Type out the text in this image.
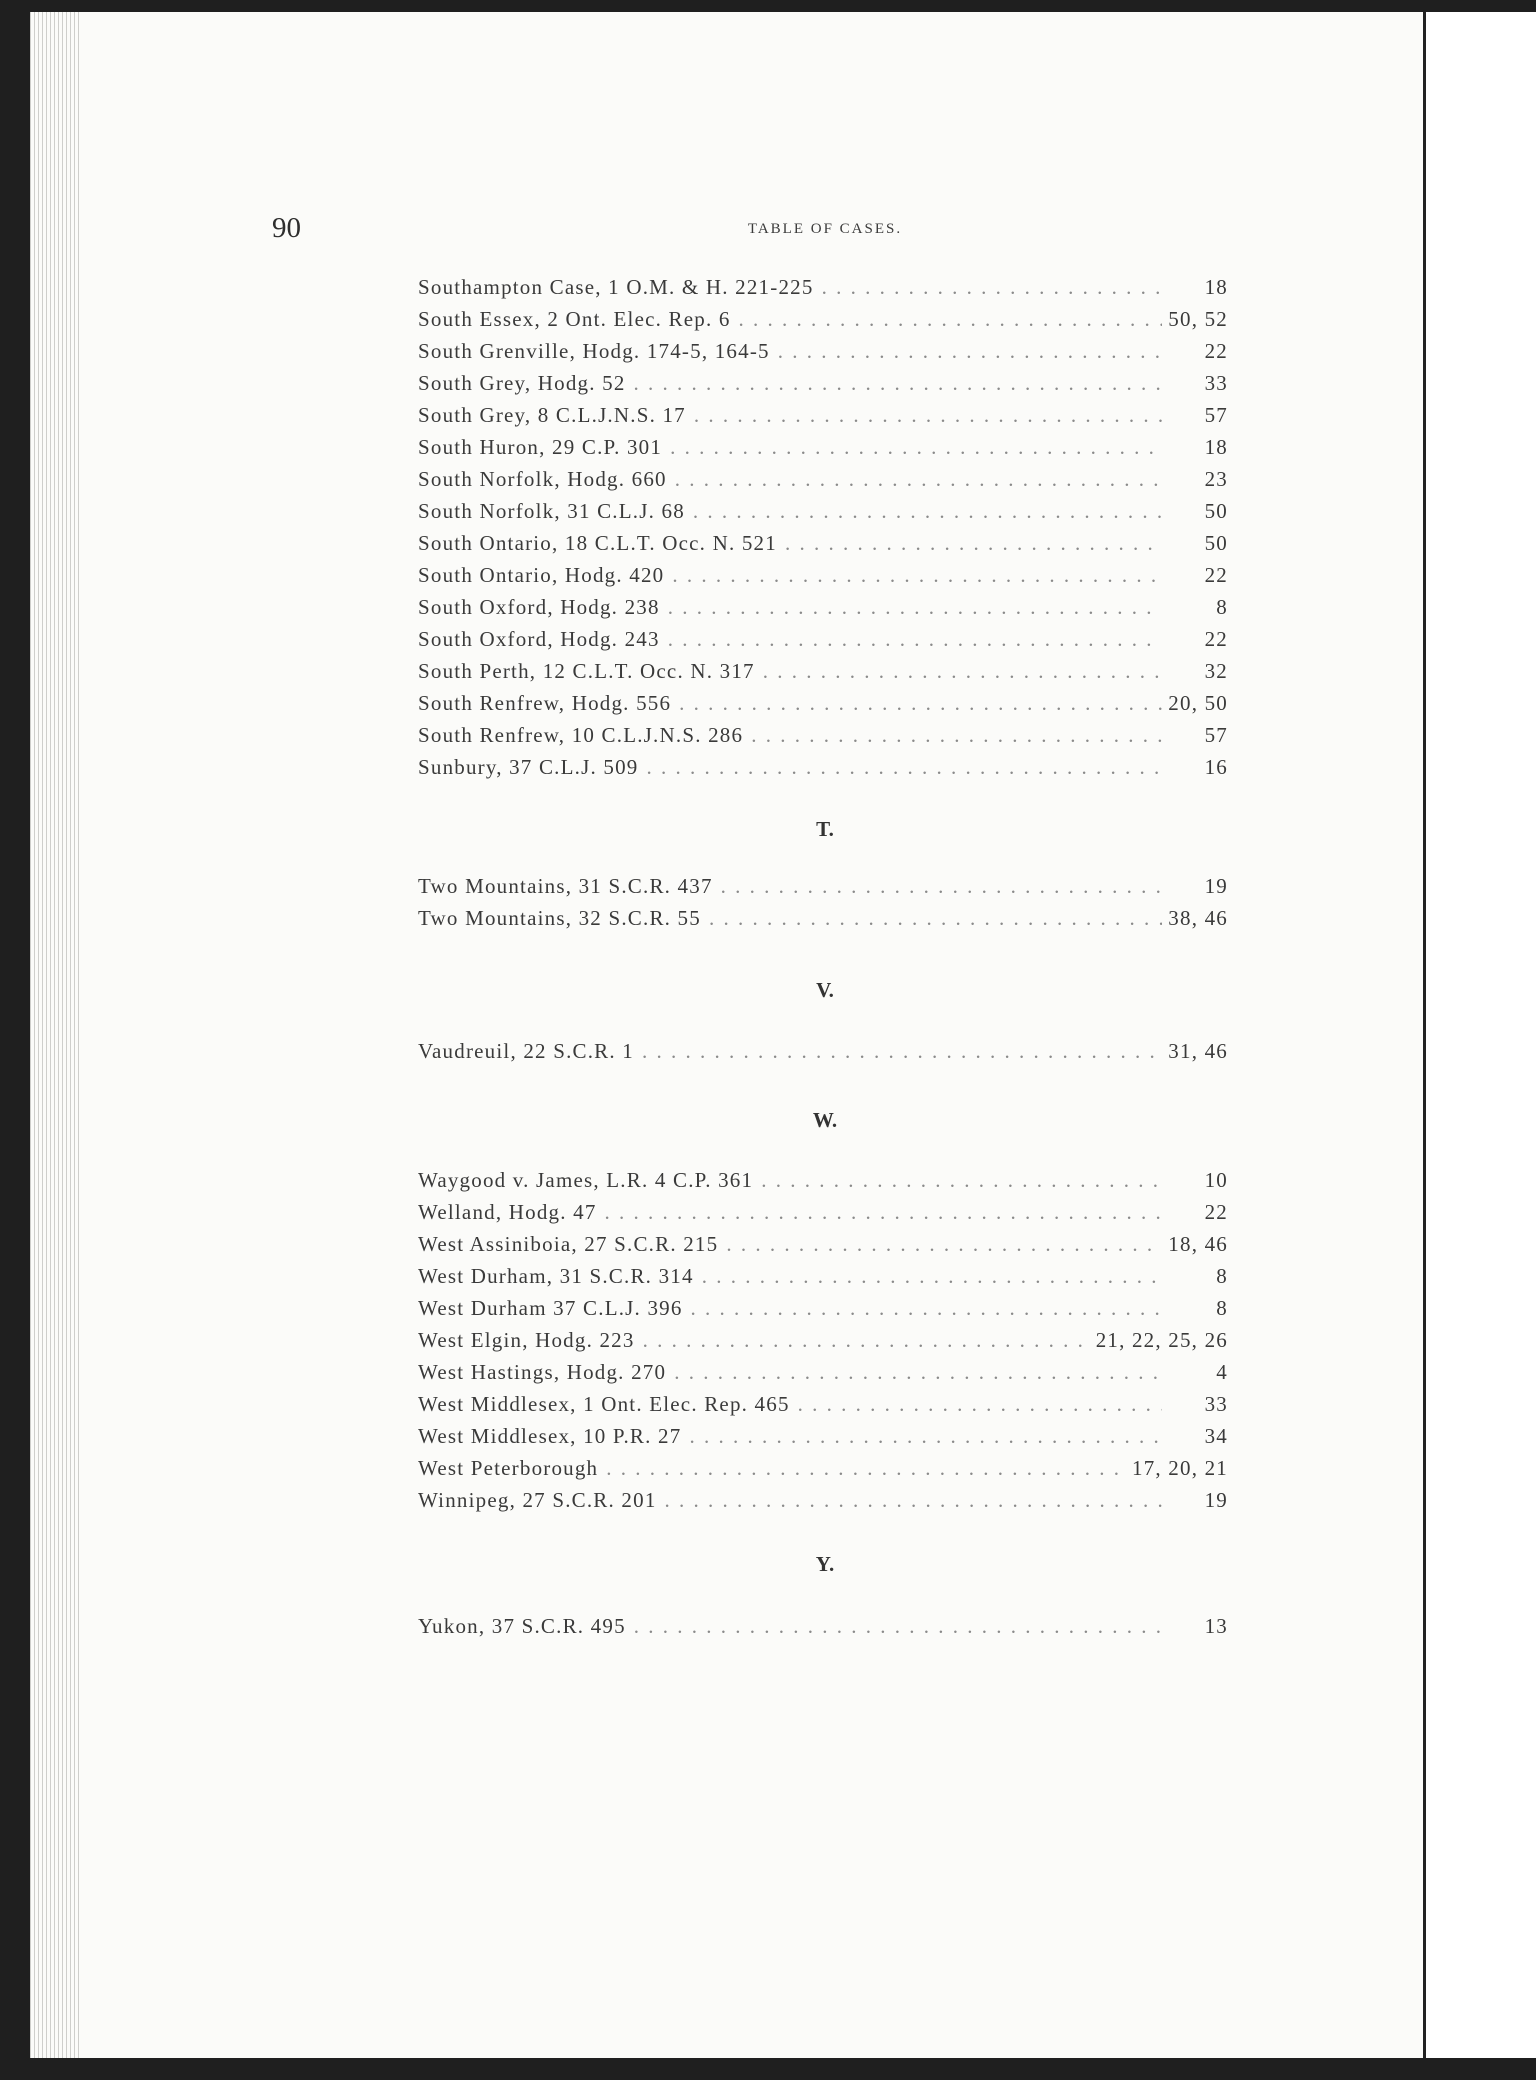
90	TABLE OF CASES.
Southampton Case, 1 O.M. & H. 221-225 . . .	18
South Essex, 2 Ont. Elec. Rep. 6 . . .	50, 52
South Grenville, Hodg. 174-5, 164-5 . . .	22
South Grey, Hodg. 52 . . .	33
South Grey, 8 C.L.J.N.S. 17 . . .	57
South Huron, 29 C.P. 301 . . .	18
South Norfolk, Hodg. 660 . . .	23
South Norfolk, 31 C.L.J. 68 . . .	50
South Ontario, 18 C.L.T. Occ. N. 521 . . .	50
South Ontario, Hodg. 420 . . .	22
South Oxford, Hodg. 238 . . .	8
South Oxford, Hodg. 243 . . .	22
South Perth, 12 C.L.T. Occ. N. 317 . . .	32
South Renfrew, Hodg. 556 . . .	20, 50
South Renfrew, 10 C.L.J.N.S. 286 . . .	57
Sunbury, 37 C.L.J. 509 . . .	16
T.
Two Mountains, 31 S.C.R. 437 . . .	19
Two Mountains, 32 S.C.R. 55 . . .	38, 46
V.
Vaudreuil, 22 S.C.R. 1 . . .	31, 46
W.
Waygood v. James, L.R. 4 C.P. 361 . . .	10
Welland, Hodg. 47 . . .	22
West Assiniboia, 27 S.C.R. 215 . . .	18, 46
West Durham, 31 S.C.R. 314 . . .	8
West Durham 37 C.L.J. 396 . . .	8
West Elgin, Hodg. 223 . . .	21, 22, 25, 26
West Hastings, Hodg. 270 . . .	4
West Middlesex, 1 Ont. Elec. Rep. 465 . . .	33
West Middlesex, 10 P.R. 27 . . .	34
West Peterborough . . .	17, 20, 21
Winnipeg, 27 S.C.R. 201 . . .	19
Y.
Yukon, 37 S.C.R. 495 . . .	13
